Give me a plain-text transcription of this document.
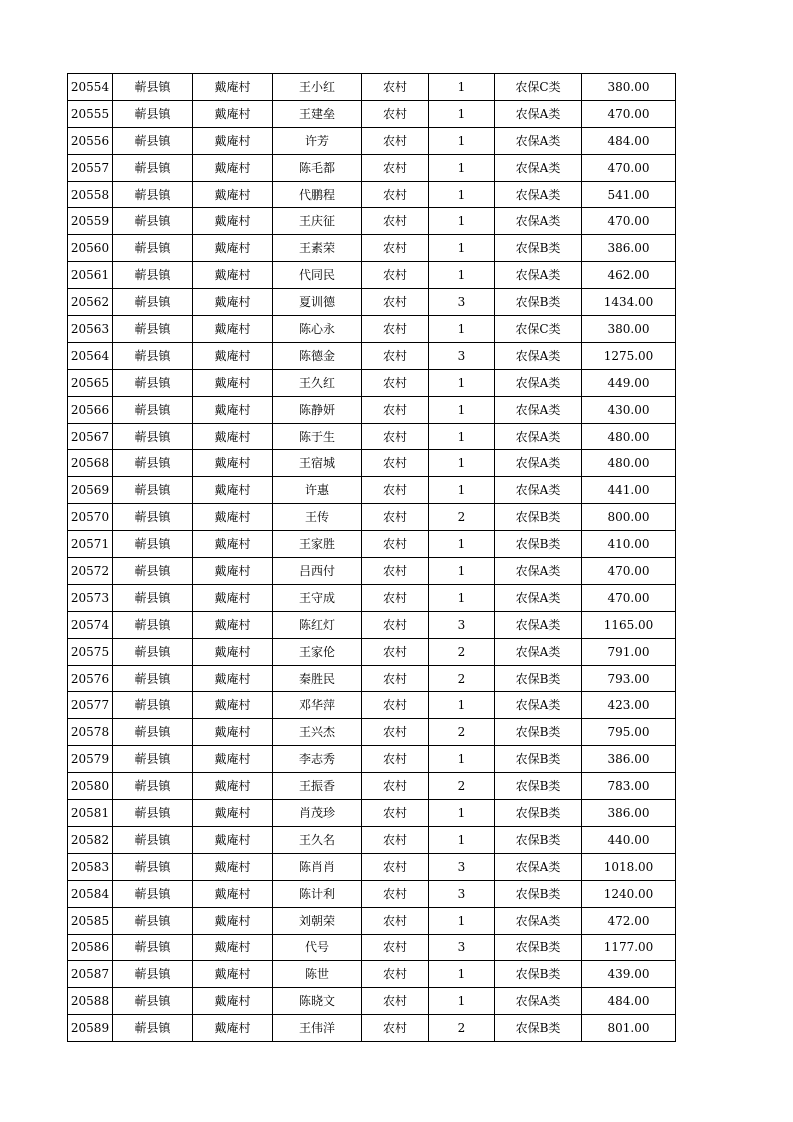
20554	蕲县镇	戴庵村	王小红	农村	1	农保C类	380.00
20555	蕲县镇	戴庵村	王建垒	农村	1	农保A类	470.00
20556	蕲县镇	戴庵村	许芳	农村	1	农保A类	484.00
20557	蕲县镇	戴庵村	陈毛都	农村	1	农保A类	470.00
20558	蕲县镇	戴庵村	代鹏程	农村	1	农保A类	541.00
20559	蕲县镇	戴庵村	王庆征	农村	1	农保A类	470.00
20560	蕲县镇	戴庵村	王素荣	农村	1	农保B类	386.00
20561	蕲县镇	戴庵村	代同民	农村	1	农保A类	462.00
20562	蕲县镇	戴庵村	夏训德	农村	3	农保B类	1434.00
20563	蕲县镇	戴庵村	陈心永	农村	1	农保C类	380.00
20564	蕲县镇	戴庵村	陈德金	农村	3	农保A类	1275.00
20565	蕲县镇	戴庵村	王久红	农村	1	农保A类	449.00
20566	蕲县镇	戴庵村	陈静妍	农村	1	农保A类	430.00
20567	蕲县镇	戴庵村	陈于生	农村	1	农保A类	480.00
20568	蕲县镇	戴庵村	王宿城	农村	1	农保A类	480.00
20569	蕲县镇	戴庵村	许惠	农村	1	农保A类	441.00
20570	蕲县镇	戴庵村	王传	农村	2	农保B类	800.00
20571	蕲县镇	戴庵村	王家胜	农村	1	农保B类	410.00
20572	蕲县镇	戴庵村	吕西付	农村	1	农保A类	470.00
20573	蕲县镇	戴庵村	王守成	农村	1	农保A类	470.00
20574	蕲县镇	戴庵村	陈红灯	农村	3	农保A类	1165.00
20575	蕲县镇	戴庵村	王家伦	农村	2	农保A类	791.00
20576	蕲县镇	戴庵村	秦胜民	农村	2	农保B类	793.00
20577	蕲县镇	戴庵村	邓华萍	农村	1	农保A类	423.00
20578	蕲县镇	戴庵村	王兴杰	农村	2	农保B类	795.00
20579	蕲县镇	戴庵村	李志秀	农村	1	农保B类	386.00
20580	蕲县镇	戴庵村	王振香	农村	2	农保B类	783.00
20581	蕲县镇	戴庵村	肖茂珍	农村	1	农保B类	386.00
20582	蕲县镇	戴庵村	王久名	农村	1	农保B类	440.00
20583	蕲县镇	戴庵村	陈肖肖	农村	3	农保A类	1018.00
20584	蕲县镇	戴庵村	陈计利	农村	3	农保B类	1240.00
20585	蕲县镇	戴庵村	刘朝荣	农村	1	农保A类	472.00
20586	蕲县镇	戴庵村	代号	农村	3	农保B类	1177.00
20587	蕲县镇	戴庵村	陈世	农村	1	农保B类	439.00
20588	蕲县镇	戴庵村	陈晓文	农村	1	农保A类	484.00
20589	蕲县镇	戴庵村	王伟洋	农村	2	农保B类	801.00
